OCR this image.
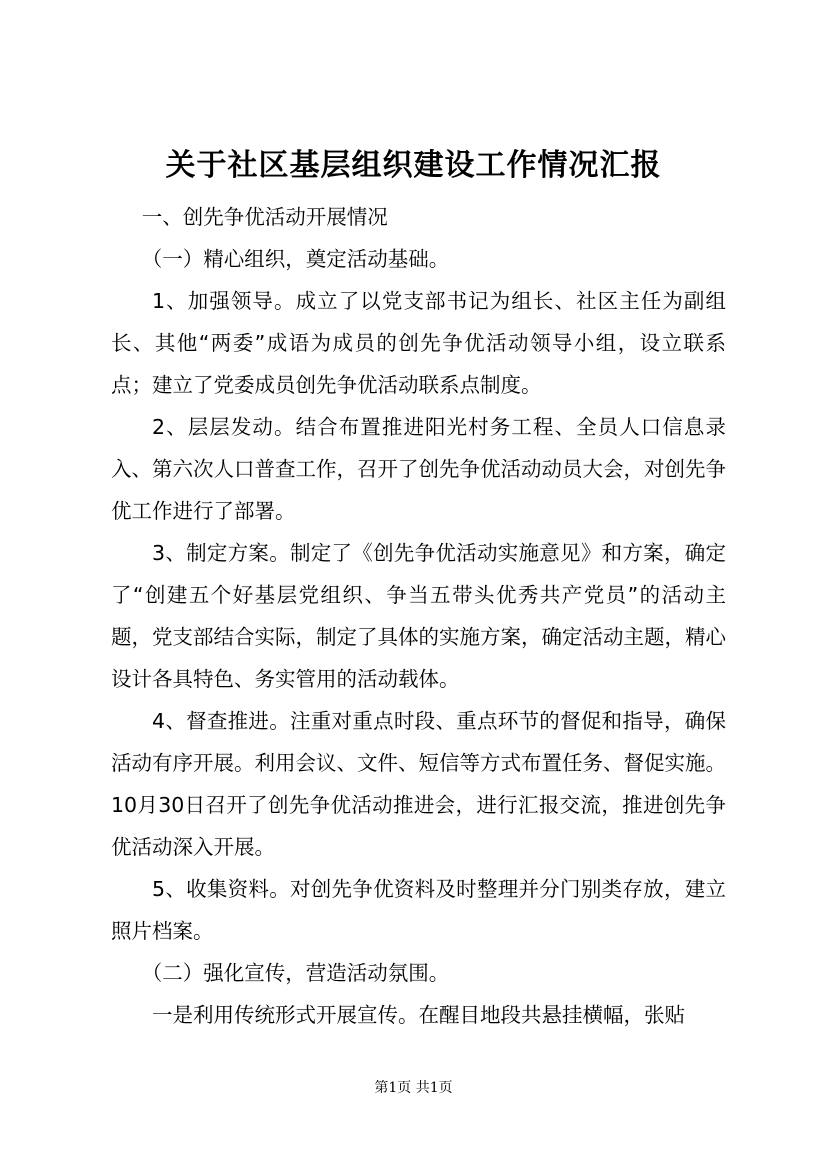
关于社区基层组织建设工作情况汇报

一、创先争优活动开展情况

（一）精心组织，奠定活动基础。

1、加强领导。成立了以党支部书记为组长、社区主任为副组长、其他“两委”成语为成员的创先争优活动领导小组，设立联系点；建立了党委成员创先争优活动联系点制度。

2、层层发动。结合布置推进阳光村务工程、全员人口信息录入、第六次人口普查工作，召开了创先争优活动动员大会，对创先争优工作进行了部署。

3、制定方案。制定了《创先争优活动实施意见》和方案，确定了“创建五个好基层党组织、争当五带头优秀共产党员”的活动主题，党支部结合实际，制定了具体的实施方案，确定活动主题，精心设计各具特色、务实管用的活动载体。

4、督查推进。注重对重点时段、重点环节的督促和指导，确保活动有序开展。利用会议、文件、短信等方式布置任务、督促实施。10月30日召开了创先争优活动推进会，进行汇报交流，推进创先争优活动深入开展。

5、收集资料。对创先争优资料及时整理并分门别类存放，建立照片档案。

（二）强化宣传，营造活动氛围。

一是利用传统形式开展宣传。在醒目地段共悬挂横幅，张贴

第1页 共1页
